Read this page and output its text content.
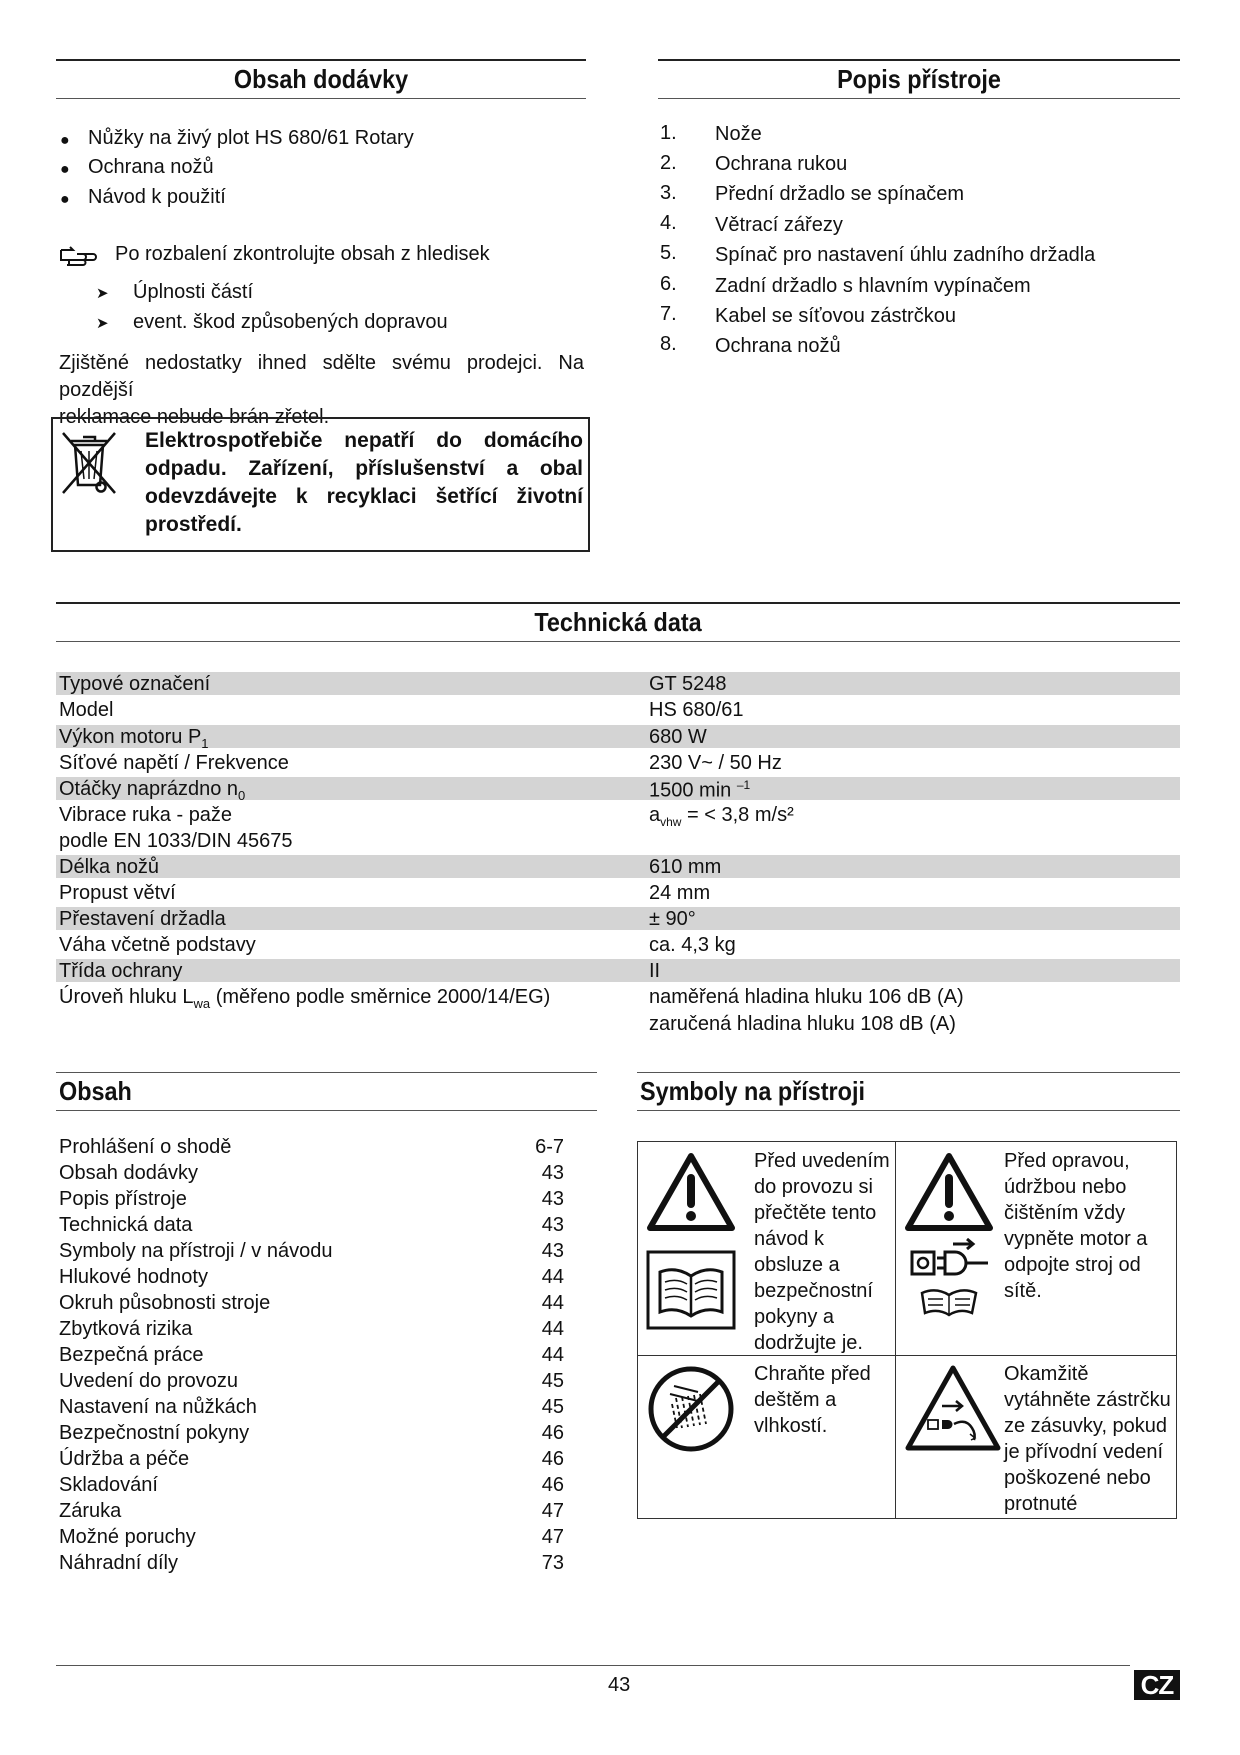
Obsah dodávky
● Nůžky na živý plot HS 680/61 Rotary
● Ochrana nožů
● Návod k použití
Po rozbalení zkontrolujte obsah z hledisek
➤ Úplnosti částí
➤ event. škod způsobených dopravou
Zjištěné nedostatky ihned sdělte svému prodejci. Na pozdější
reklamace nebude brán zřetel.
Elektrospotřebiče nepatří do domácího
odpadu. Zařízení, příslušenství a obal
odevzdávejte k recyklaci šetřící životní
prostředí.
Popis přístroje
1. Nože
2. Ochrana rukou
3. Přední držadlo se spínačem
4. Větrací zářezy
5. Spínač pro nastavení úhlu zadního držadla
6. Zadní držadlo s hlavním vypínačem
7. Kabel se síťovou zástrčkou
8. Ochrana nožů
Technická data
Typové označení	GT 5248
Model	HS 680/61
Výkon motoru $P_1$	680 W
Síťové napětí / Frekvence	230 V~ / 50 Hz
Otáčky naprázdno $n_0$	1500 min $^{-1}$
Vibrace ruka - paže	$a_{vhw}$ = < 3,8 m/s²
podle EN 1033/DIN 45675
Délka nožů	610 mm
Propust větví	24 mm
Přestavení držadla	± 90°
Váha včetně podstavy	ca. 4,3 kg
Třída ochrany	II
Úroveň hluku $L_{wa}$ (měřeno podle směrnice 2000/14/EG)	naměřená hladina hluku 106 dB (A)
zaručená hladina hluku 108 dB (A)
Obsah
Prohlášení o shodě	6-7
Obsah dodávky	43
Popis přístroje	43
Technická data	43
Symboly na přístroji / v návodu	43
Hlukové hodnoty	44
Okruh působnosti stroje	44
Zbytková rizika	44
Bezpečná práce	44
Uvedení do provozu	45
Nastavení na nůžkách	45
Bezpečnostní pokyny	46
Údržba a péče	46
Skladování	46
Záruka	47
Možné poruchy	47
Náhradní díly	73
Symboly na přístroji
Před uvedením
do provozu si
přečtěte tento
návod k
obsluze a
bezpečnostní
pokyny a
dodržujte je.
Před opravou,
údržbou nebo
čištěním vždy
vypněte motor a
odpojte stroj od
sítě.
Chraňte před
deštěm a
vlhkostí.
Okamžitě
vytáhněte zástrčku
ze zásuvky, pokud
je přívodní vedení
poškozené nebo
protnuté
43	CZ
